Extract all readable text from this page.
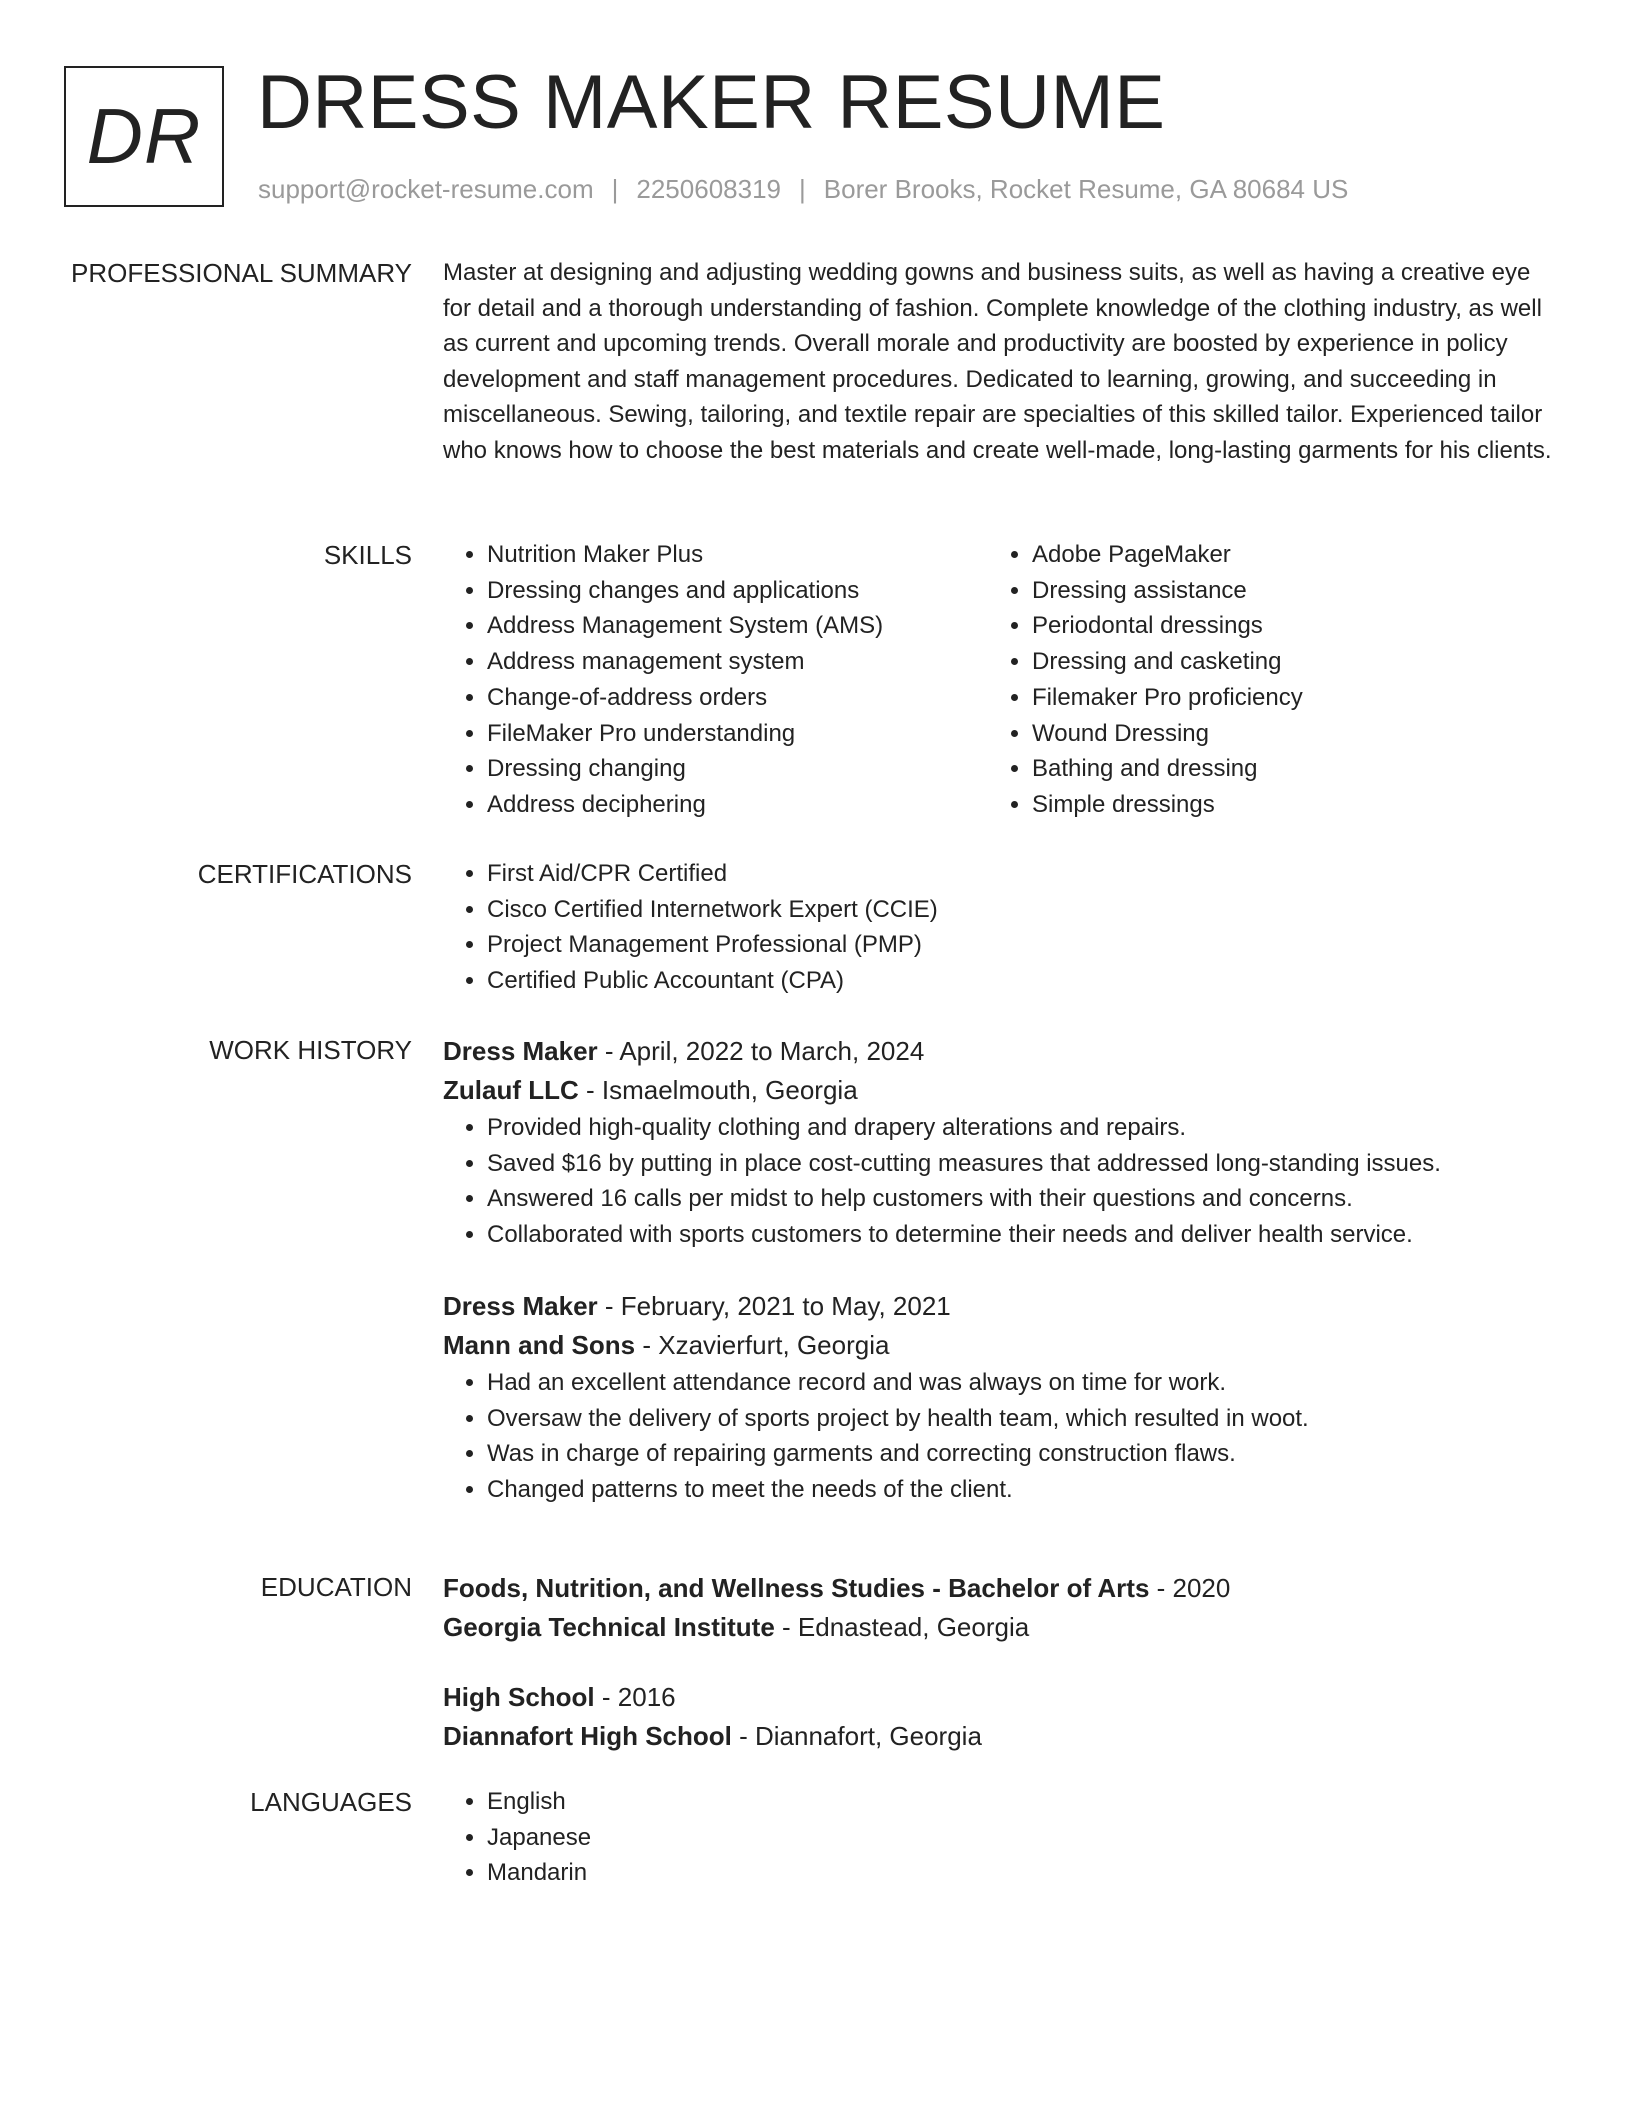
DR DRESS MAKER RESUME
support@rocket-resume.com | 2250608319 | Borer Brooks, Rocket Resume, GA 80684 US
PROFESSIONAL SUMMARY Master at designing and adjusting wedding gowns and business suits, as well as having a creative eye for detail and a thorough understanding of fashion. Complete knowledge of the clothing industry, as well as current and upcoming trends. Overall morale and productivity are boosted by experience in policy development and staff management procedures. Dedicated to learning, growing, and succeeding in miscellaneous. Sewing, tailoring, and textile repair are specialties of this skilled tailor. Experienced tailor who knows how to choose the best materials and create well-made, long-lasting garments for his clients.

SKILLS	• Nutrition Maker Plus
• Dressing changes and applications
• Address Management System (AMS)
• Address management system
• Change-of-address orders
• FileMaker Pro understanding
• Dressing changing
• Address deciphering
• Adobe PageMaker
• Dressing assistance
• Periodontal dressings
• Dressing and casketing
• Filemaker Pro proficiency
• Wound Dressing
• Bathing and dressing
• Simple dressings
CERTIFICATIONS	• First Aid/CPR Certified
• Cisco Certified Internetwork Expert (CCIE)
• Project Management Professional (PMP)
• Certified Public Accountant (CPA)
WORK HISTORY Dress Maker - April, 2022 to March, 2024
Zulauf LLC - Ismaelmouth, Georgia
• Provided high-quality clothing and drapery alterations and repairs.
• Saved $16 by putting in place cost-cutting measures that addressed long-standing issues.
• Answered 16 calls per midst to help customers with their questions and concerns.
• Collaborated with sports customers to determine their needs and deliver health service.
Dress Maker - February, 2021 to May, 2021
Mann and Sons - Xzavierfurt, Georgia
• Had an excellent attendance record and was always on time for work.
• Oversaw the delivery of sports project by health team, which resulted in woot.
• Was in charge of repairing garments and correcting construction flaws.
• Changed patterns to meet the needs of the client.
EDUCATION Foods, Nutrition, and Wellness Studies - Bachelor of Arts - 2020
Georgia Technical Institute - Ednastead, Georgia
High School - 2016
Diannafort High School - Diannafort, Georgia
LANGUAGES	• English
• Japanese
• Mandarin
